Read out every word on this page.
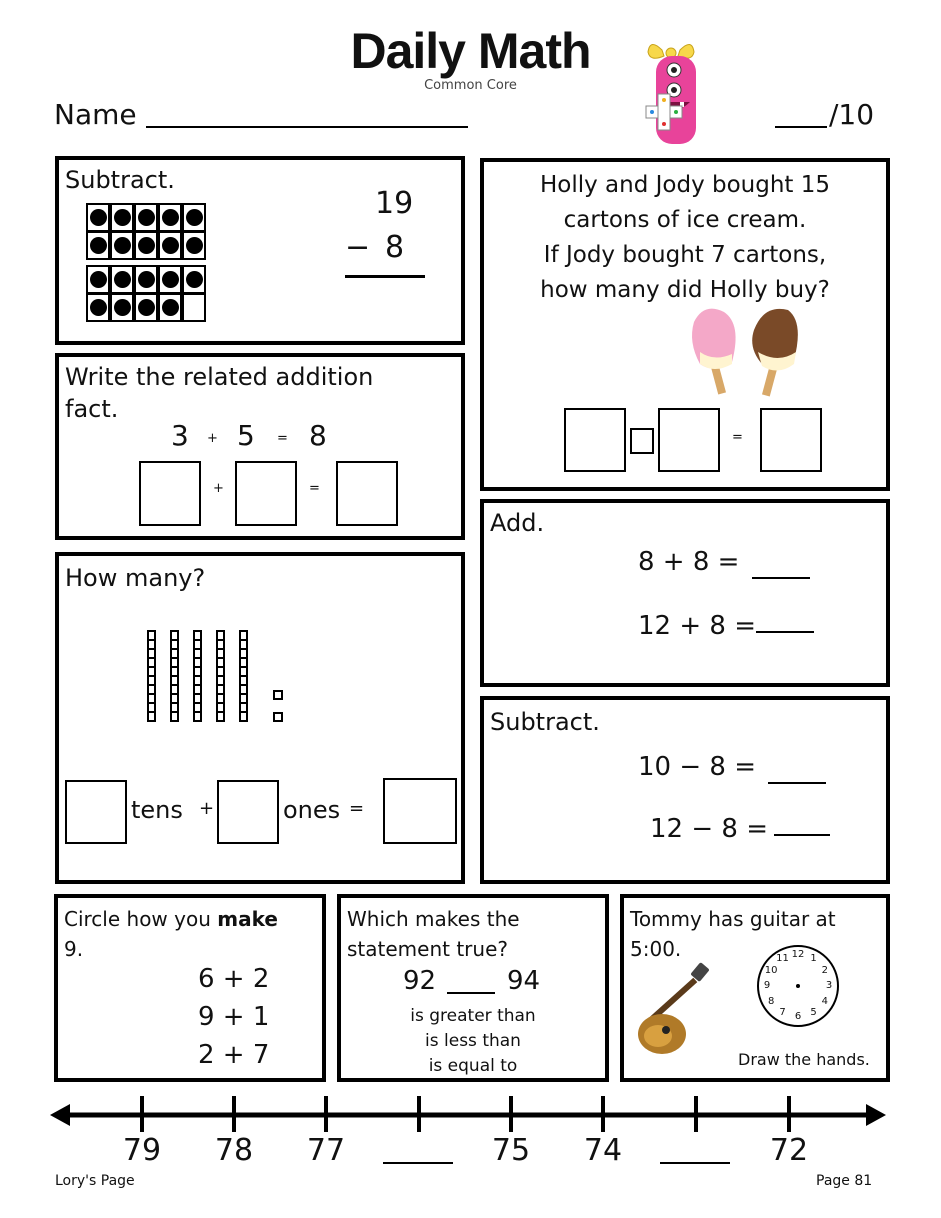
Daily Math
Common Core
Name	/10
Subtract.
19
− 8
Holly and Jody bought 15
cartons of ice cream.
If Jody bought 7 cartons,
how many did Holly buy?
=
Write the related addition
fact.
3 + 5 = 8
+	=
Add.
8 + 8 =
12 + 8 =
How many?
tens +	ones =
Subtract.
10 − 8 =
12 − 8 =
Circle how you make
9.
6 + 2
9 + 1
2 + 7
Which makes the
statement true?
92	94
is greater than
is less than
is equal to
Tommy has guitar at
5:00.	12 1
2
3
4
5
6
7
8
9
10
11
Draw the hands.
79	78	77	75	74	72
Lory's Page	Page 81
